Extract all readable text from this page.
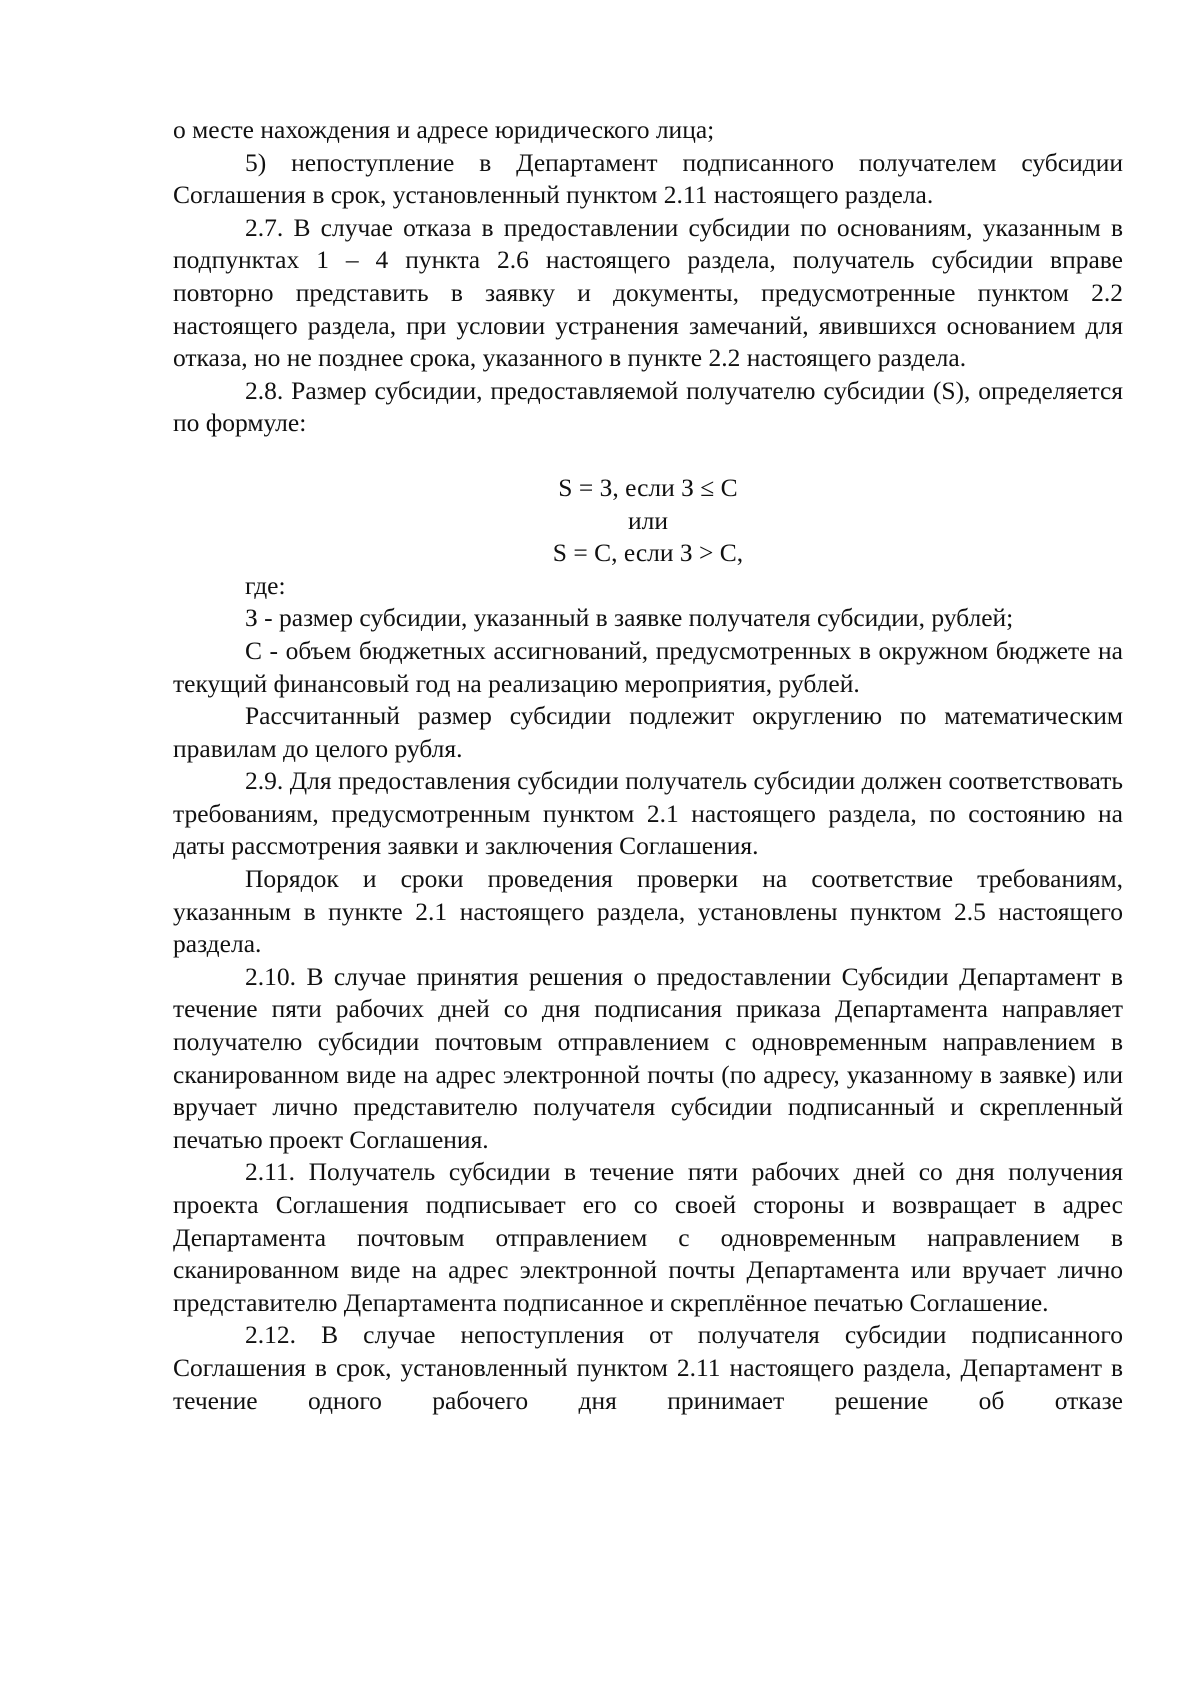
о месте нахождения и адресе юридического лица;

5) непоступление в Департамент подписанного получателем субсидии Соглашения в срок, установленный пунктом 2.11 настоящего раздела.

2.7. В случае отказа в предоставлении субсидии по основаниям, указанным в подпунктах 1 – 4 пункта 2.6 настоящего раздела, получатель субсидии вправе повторно представить в заявку и документы, предусмотренные пунктом 2.2 настоящего раздела, при условии устранения замечаний, явившихся основанием для отказа, но не позднее срока, указанного в пункте 2.2 настоящего раздела.

2.8. Размер субсидии, предоставляемой получателю субсидии (S), определяется по формуле:

S = З, если З ≤ С
или
S = С, если З > С,

где:

З - размер субсидии, указанный в заявке получателя субсидии, рублей;

С - объем бюджетных ассигнований, предусмотренных в окружном бюджете на текущий финансовый год на реализацию мероприятия, рублей.

Рассчитанный размер субсидии подлежит округлению по математическим правилам до целого рубля.

2.9. Для предоставления субсидии получатель субсидии должен соответствовать требованиям, предусмотренным пунктом 2.1 настоящего раздела, по состоянию на даты рассмотрения заявки и заключения Соглашения.

Порядок и сроки проведения проверки на соответствие требованиям, указанным в пункте 2.1 настоящего раздела, установлены пунктом 2.5 настоящего раздела.

2.10. В случае принятия решения о предоставлении Субсидии Департамент в течение пяти рабочих дней со дня подписания приказа Департамента направляет получателю субсидии почтовым отправлением с одновременным направлением в сканированном виде на адрес электронной почты (по адресу, указанному в заявке) или вручает лично представителю получателя субсидии подписанный и скрепленный печатью проект Соглашения.

2.11. Получатель субсидии в течение пяти рабочих дней со дня получения проекта Соглашения подписывает его со своей стороны и возвращает в адрес Департамента почтовым отправлением с одновременным направлением в сканированном виде на адрес электронной почты Департамента или вручает лично представителю Департамента подписанное и скреплённое печатью Соглашение.

2.12. В случае непоступления от получателя субсидии подписанного Соглашения в срок, установленный пунктом 2.11 настоящего раздела, Департамент в течение одного рабочего дня принимает решение об отказе
